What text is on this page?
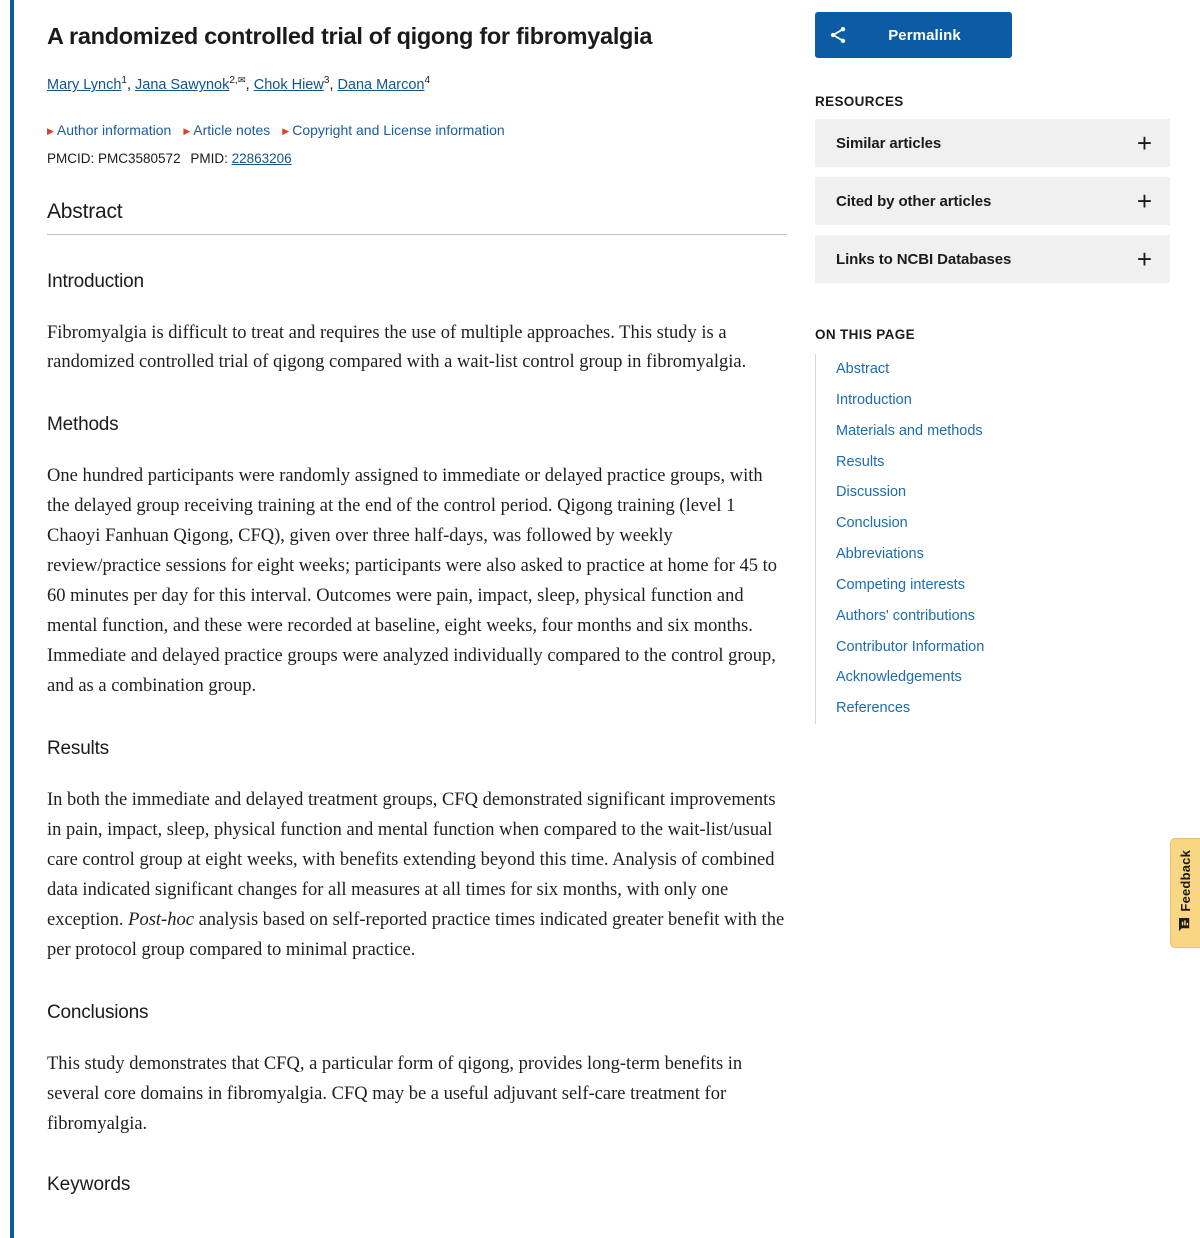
A randomized controlled trial of qigong for fibromyalgia
Mary Lynch$^1$, Jana Sawynok$^{2,✉}$, Chok Hiew$^3$, Dana Marcon$^4$
▶ Author information ▶ Article notes ▶ Copyright and License information
PMCID: PMC3580572 PMID: 22863206
Abstract
Introduction

Fibromyalgia is difficult to treat and requires the use of multiple approaches. This study is a randomized controlled trial of qigong compared with a wait-list control group in fibromyalgia.

Methods

One hundred participants were randomly assigned to immediate or delayed practice groups, with the delayed group receiving training at the end of the control period. Qigong training (level 1 Chaoyi Fanhuan Qigong, CFQ), given over three half-days, was followed by weekly review/practice sessions for eight weeks; participants were also asked to practice at home for 45 to 60 minutes per day for this interval. Outcomes were pain, impact, sleep, physical function and mental function, and these were recorded at baseline, eight weeks, four months and six months. Immediate and delayed practice groups were analyzed individually compared to the control group, and as a combination group.

Results

In both the immediate and delayed treatment groups, CFQ demonstrated significant improvements in pain, impact, sleep, physical function and mental function when compared to the wait-list/usual care control group at eight weeks, with benefits extending beyond this time. Analysis of combined data indicated significant changes for all measures at all times for six months, with only one exception. Post-hoc analysis based on self-reported practice times indicated greater benefit with the per protocol group compared to minimal practice.

Conclusions

This study demonstrates that CFQ, a particular form of qigong, provides long-term benefits in several core domains in fibromyalgia. CFQ may be a useful adjuvant self-care treatment for fibromyalgia.

Keywords
Permalink
RESOURCES
Similar articles	+
Cited by other articles	+
Links to NCBI Databases	+
ON THIS PAGE
Abstract
Introduction
Materials and methods
Results
Discussion
Conclusion
Abbreviations
Competing interests
Authors' contributions
Contributor Information
Acknowledgements
References
Feedback
